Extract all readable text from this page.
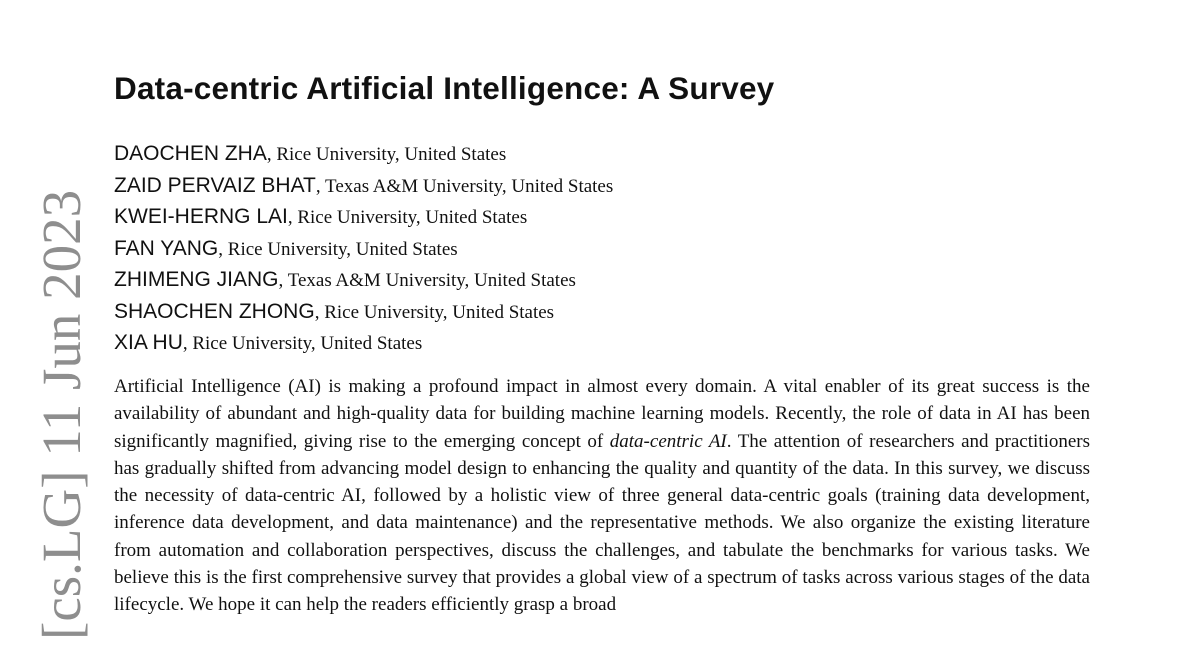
[cs.LG] 11 Jun 2023
Data-centric Artificial Intelligence: A Survey
DAOCHEN ZHA, Rice University, United States
ZAID PERVAIZ BHAT, Texas A&M University, United States
KWEI-HERNG LAI, Rice University, United States
FAN YANG, Rice University, United States
ZHIMENG JIANG, Texas A&M University, United States
SHAOCHEN ZHONG, Rice University, United States
XIA HU, Rice University, United States

Artificial Intelligence (AI) is making a profound impact in almost every domain. A vital enabler of its great success is the availability of abundant and high-quality data for building machine learning models. Recently, the role of data in AI has been significantly magnified, giving rise to the emerging concept of data-centric AI. The attention of researchers and practitioners has gradually shifted from advancing model design to enhancing the quality and quantity of the data. In this survey, we discuss the necessity of data-centric AI, followed by a holistic view of three general data-centric goals (training data development, inference data development, and data maintenance) and the representative methods. We also organize the existing literature from automation and collaboration perspectives, discuss the challenges, and tabulate the benchmarks for various tasks. We believe this is the first comprehensive survey that provides a global view of a spectrum of tasks across various stages of the data lifecycle. We hope it can help the readers efficiently grasp a broad
